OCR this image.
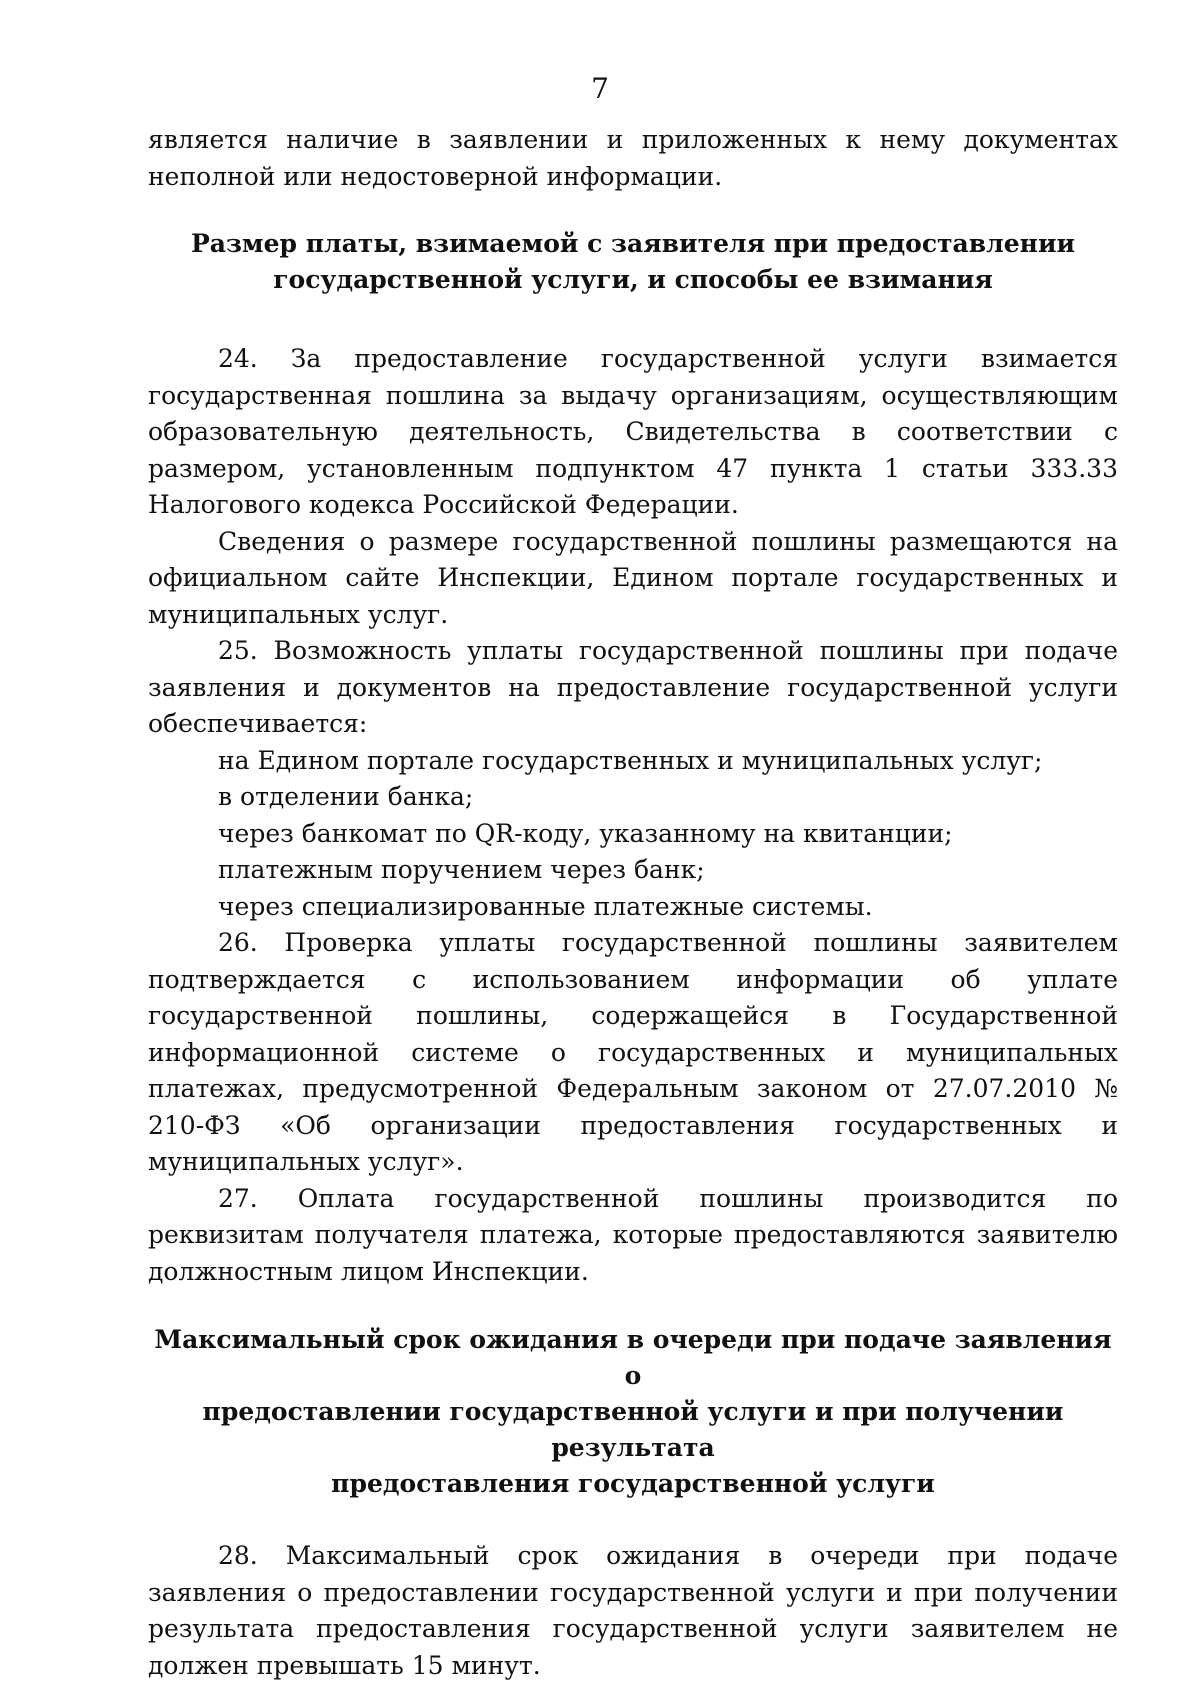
7

является наличие в заявлении и приложенных к нему документах неполной или недостоверной информации.

Размер платы, взимаемой с заявителя при предоставлении
государственной услуги, и способы ее взимания

24. За предоставление государственной услуги взимается государственная пошлина за выдачу организациям, осуществляющим образовательную деятельность, Свидетельства в соответствии с размером, установленным подпунктом 47 пункта 1 статьи 333.33 Налогового кодекса Российской Федерации.

Сведения о размере государственной пошлины размещаются на официальном сайте Инспекции, Едином портале государственных и муниципальных услуг.

25. Возможность уплаты государственной пошлины при подаче заявления и документов на предоставление государственной услуги обеспечивается:

на Едином портале государственных и муниципальных услуг;

в отделении банка;

через банкомат по QR-коду, указанному на квитанции;

платежным поручением через банк;

через специализированные платежные системы.

26. Проверка уплаты государственной пошлины заявителем подтверждается с использованием информации об уплате государственной пошлины, содержащейся в Государственной информационной системе о государственных и муниципальных платежах, предусмотренной Федеральным законом от 27.07.2010 № 210-ФЗ «Об организации предоставления государственных и муниципальных услуг».

27. Оплата государственной пошлины производится по реквизитам получателя платежа, которые предоставляются заявителю должностным лицом Инспекции.

Максимальный срок ожидания в очереди при подаче заявления о
предоставлении государственной услуги и при получении результата
предоставления государственной услуги

28. Максимальный срок ожидания в очереди при подаче заявления о предоставлении государственной услуги и при получении результата предоставления государственной услуги заявителем не должен превышать 15 минут.
